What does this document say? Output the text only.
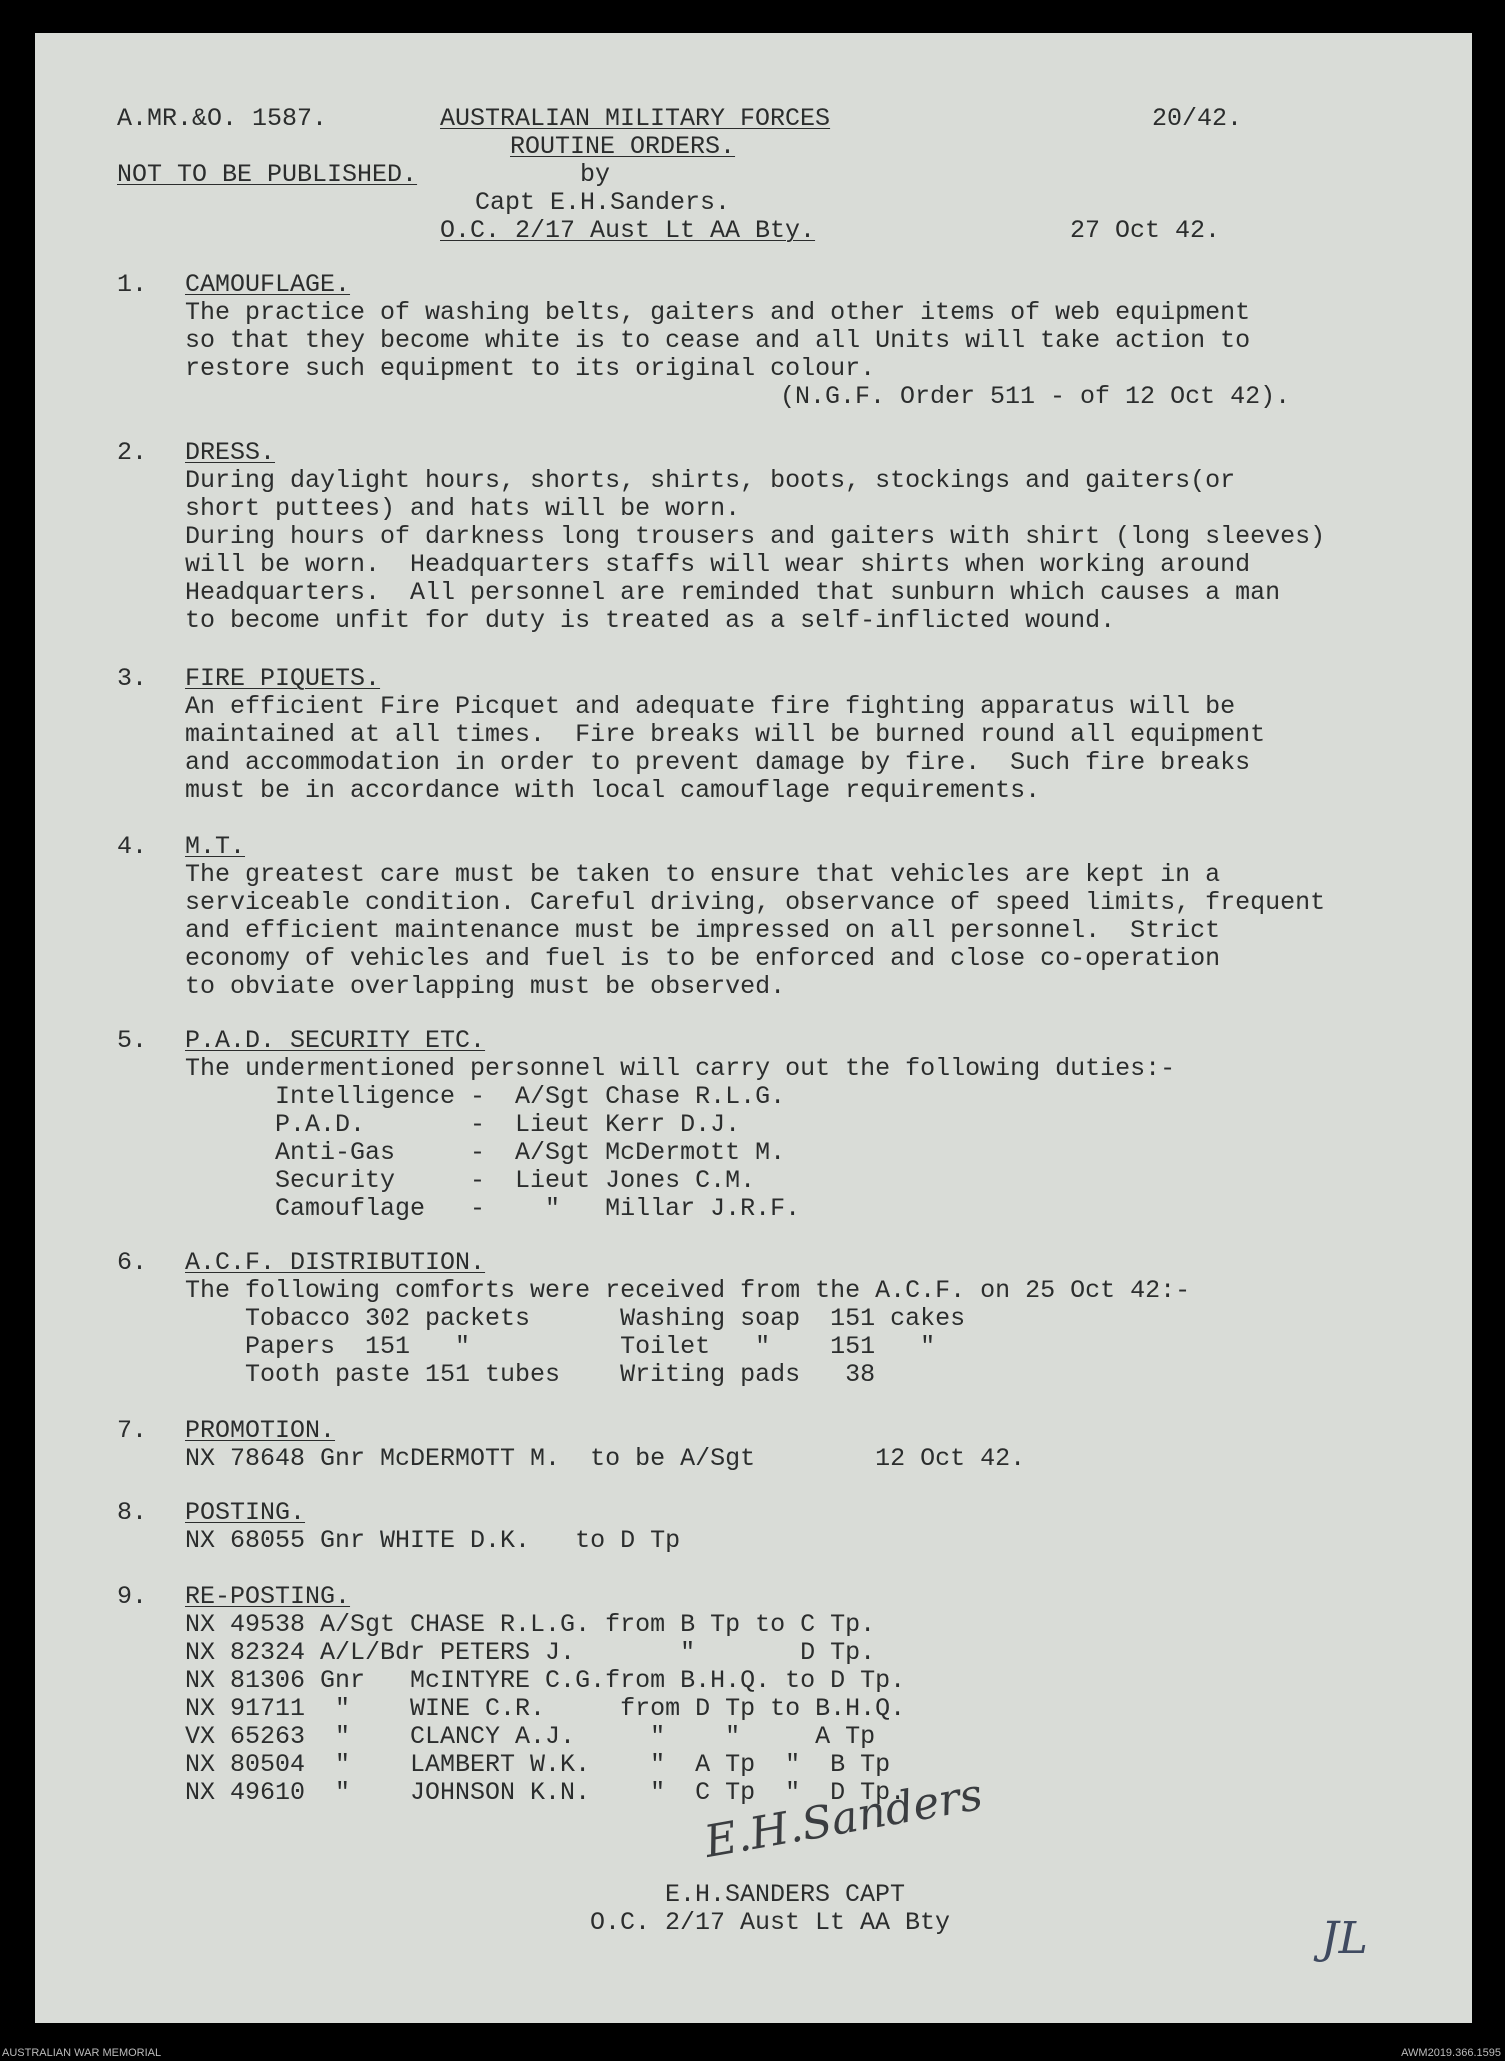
A.MR.&O. 1587.	AUSTRALIAN MILITARY FORCES	20/42.
ROUTINE ORDERS.
NOT TO BE PUBLISHED.	by
Capt E.H.Sanders.
O.C. 2/17 Aust Lt AA Bty.	27 Oct 42.
1. CAMOUFLAGE.
The practice of washing belts, gaiters and other items of web equipment
so that they become white is to cease and all Units will take action to
restore such equipment to its original colour.
(N.G.F. Order 511 - of 12 Oct 42).
2. DRESS.
During daylight hours, shorts, shirts, boots, stockings and gaiters(or
short puttees) and hats will be worn.
During hours of darkness long trousers and gaiters with shirt (long sleeves)
will be worn.  Headquarters staffs will wear shirts when working around
Headquarters.  All personnel are reminded that sunburn which causes a man
to become unfit for duty is treated as a self-inflicted wound.
3. FIRE PIQUETS.
An efficient Fire Picquet and adequate fire fighting apparatus will be
maintained at all times.  Fire breaks will be burned round all equipment
and accommodation in order to prevent damage by fire.  Such fire breaks
must be in accordance with local camouflage requirements.
4. M.T.
The greatest care must be taken to ensure that vehicles are kept in a
serviceable condition. Careful driving, observance of speed limits, frequent
and efficient maintenance must be impressed on all personnel.  Strict
economy of vehicles and fuel is to be enforced and close co-operation
to obviate overlapping must be observed.
5. P.A.D. SECURITY ETC.
The undermentioned personnel will carry out the following duties:-
Intelligence -  A/Sgt Chase R.L.G.
P.A.D.       -  Lieut Kerr D.J.
Anti-Gas     -  A/Sgt McDermott M.
Security     -  Lieut Jones C.M.
Camouflage   -    "   Millar J.R.F.
6. A.C.F. DISTRIBUTION.
The following comforts were received from the A.C.F. on 25 Oct 42:-
Tobacco 302 packets      Washing soap  151 cakes
Papers  151   "          Toilet   "    151   "
Tooth paste 151 tubes    Writing pads   38
7. PROMOTION.
NX 78648 Gnr McDERMOTT M.  to be A/Sgt        12 Oct 42.
8. POSTING.
NX 68055 Gnr WHITE D.K.   to D Tp
9. RE-POSTING.
NX 49538 A/Sgt CHASE R.L.G. from B Tp to C Tp.
NX 82324 A/L/Bdr PETERS J.       "       D Tp.
NX 81306 Gnr   McINTYRE C.G.from B.H.Q. to D Tp.
NX 91711  "    WINE C.R.     from D Tp to B.H.Q.
VX 65263  "    CLANCY A.J.     "    "     A Tp
NX 80504  "    LAMBERT W.K.    "  A Tp  "  B Tp
NX 49610  "    JOHNSON K.N.    "  C Tp  "  D Tp.
E.H.Sanders
E.H.SANDERS CAPT
O.C. 2/17 Aust Lt AA Bty	JL
AUSTRALIAN WAR MEMORIAL	AWM2019.366.1595
